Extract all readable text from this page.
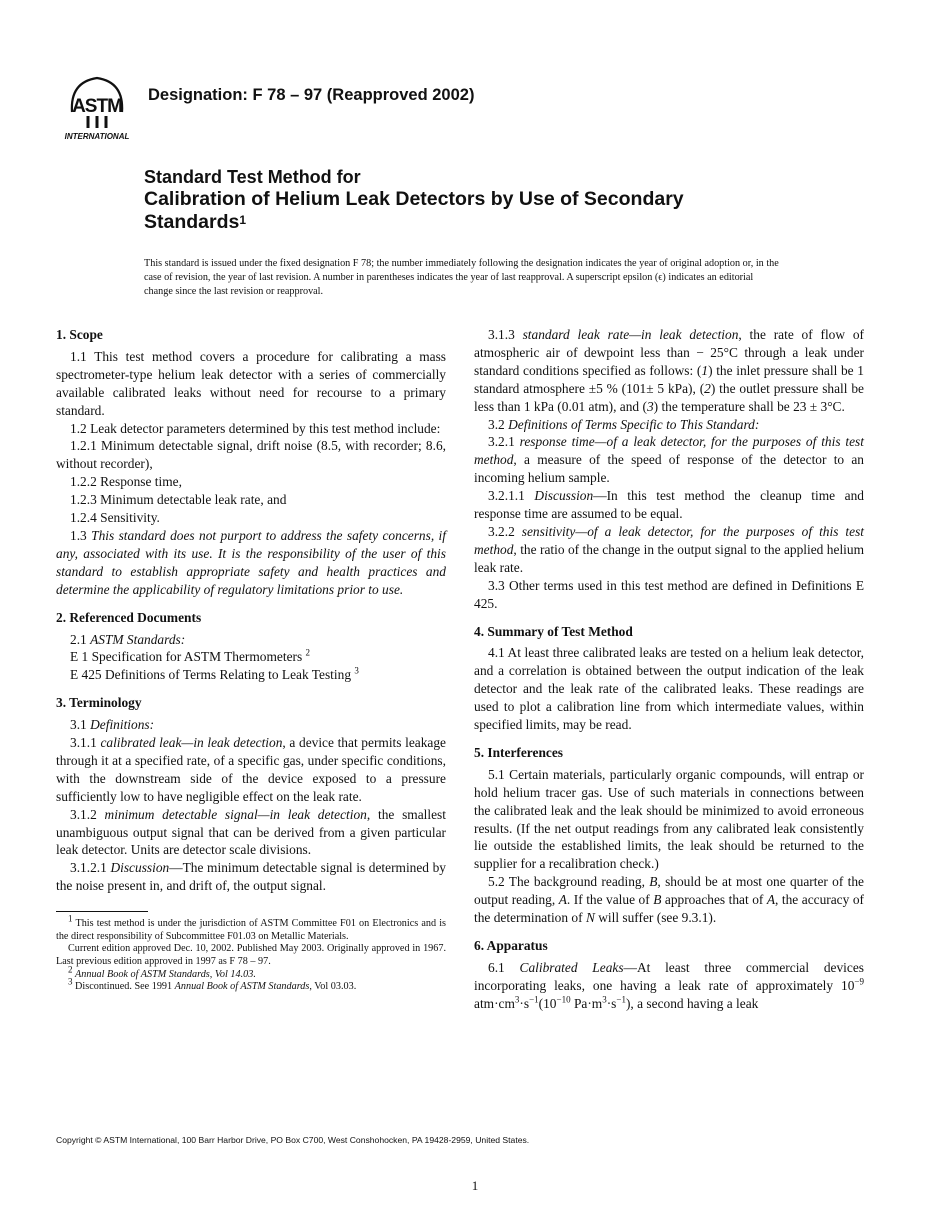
ASTM
INTERNATIONAL
Designation: F 78 – 97 (Reapproved 2002)
Standard Test Method for
Calibration of Helium Leak Detectors by Use of Secondary
Standards$^1$
This standard is issued under the fixed designation F 78; the number immediately following the designation indicates the year of original adoption or, in the case of revision, the year of last revision. A number in parentheses indicates the year of last reapproval. A superscript epsilon (ϵ) indicates an editorial change since the last revision or reapproval.
1. Scope

1.1 This test method covers a procedure for calibrating a mass spectrometer-type helium leak detector with a series of commercially available calibrated leaks without need for recourse to a primary standard.

1.2 Leak detector parameters determined by this test method include:

1.2.1 Minimum detectable signal, drift noise (8.5, with recorder; 8.6, without recorder),

1.2.2 Response time,

1.2.3 Minimum detectable leak rate, and

1.2.4 Sensitivity.

1.3 This standard does not purport to address the safety concerns, if any, associated with its use. It is the responsibility of the user of this standard to establish appropriate safety and health practices and determine the applicability of regulatory limitations prior to use.

2. Referenced Documents

2.1 ASTM Standards:

E 1 Specification for ASTM Thermometers $^2$

E 425 Definitions of Terms Relating to Leak Testing $^3$

3. Terminology

3.1 Definitions:

3.1.1 calibrated leak—in leak detection, a device that permits leakage through it at a specified rate, of a specific gas, under specific conditions, with the downstream side of the device exposed to a pressure sufficiently low to have negligible effect on the leak rate.

3.1.2 minimum detectable signal—in leak detection, the smallest unambiguous output signal that can be derived from a given particular leak detector. Units are detector scale divisions.

3.1.2.1 Discussion—The minimum detectable signal is determined by the noise present in, and drift of, the output signal.

$^1$ This test method is under the jurisdiction of ASTM Committee F01 on Electronics and is the direct responsibility of Subcommittee F01.03 on Metallic Materials.

Current edition approved Dec. 10, 2002. Published May 2003. Originally approved in 1967. Last previous edition approved in 1997 as F 78 – 97.

$^2$ Annual Book of ASTM Standards, Vol 14.03.

$^3$ Discontinued. See 1991 Annual Book of ASTM Standards, Vol 03.03.

3.1.3 standard leak rate—in leak detection, the rate of flow of atmospheric air of dewpoint less than − 25°C through a leak under standard conditions specified as follows: (1) the inlet pressure shall be 1 standard atmosphere ±5 % (101± 5 kPa), (2) the outlet pressure shall be less than 1 kPa (0.01 atm), and (3) the temperature shall be 23 ± 3°C.

3.2 Definitions of Terms Specific to This Standard:

3.2.1 response time—of a leak detector, for the purposes of this test method, a measure of the speed of response of the detector to an incoming helium sample.

3.2.1.1 Discussion—In this test method the cleanup time and response time are assumed to be equal.

3.2.2 sensitivity—of a leak detector, for the purposes of this test method, the ratio of the change in the output signal to the applied helium leak rate.

3.3 Other terms used in this test method are defined in Definitions E 425.

4. Summary of Test Method

4.1 At least three calibrated leaks are tested on a helium leak detector, and a correlation is obtained between the output indication of the leak detector and the leak rate of the calibrated leaks. These readings are used to plot a calibration line from which intermediate values, within specified limits, may be read.

5. Interferences

5.1 Certain materials, particularly organic compounds, will entrap or hold helium tracer gas. Use of such materials in connections between the calibrated leak and the leak should be minimized to avoid erroneous results. (If the net output readings from any calibrated leak consistently lie outside the established limits, the leak should be returned to the supplier for a recalibration check.)

5.2 The background reading, B, should be at most one quarter of the output reading, A. If the value of B approaches that of A, the accuracy of the determination of N will suffer (see 9.3.1).

6. Apparatus

6.1 Calibrated Leaks—At least three commercial devices incorporating leaks, one having a leak rate of approximately $10^{-9}$ $atm\cdot cm^3\cdot s^{-1}(10^{-10}$ $Pa\cdot m^3\cdot s^{-1}$), a second having a leak

Copyright © ASTM International, 100 Barr Harbor Drive, PO Box C700, West Conshohocken, PA 19428-2959, United States.
1
